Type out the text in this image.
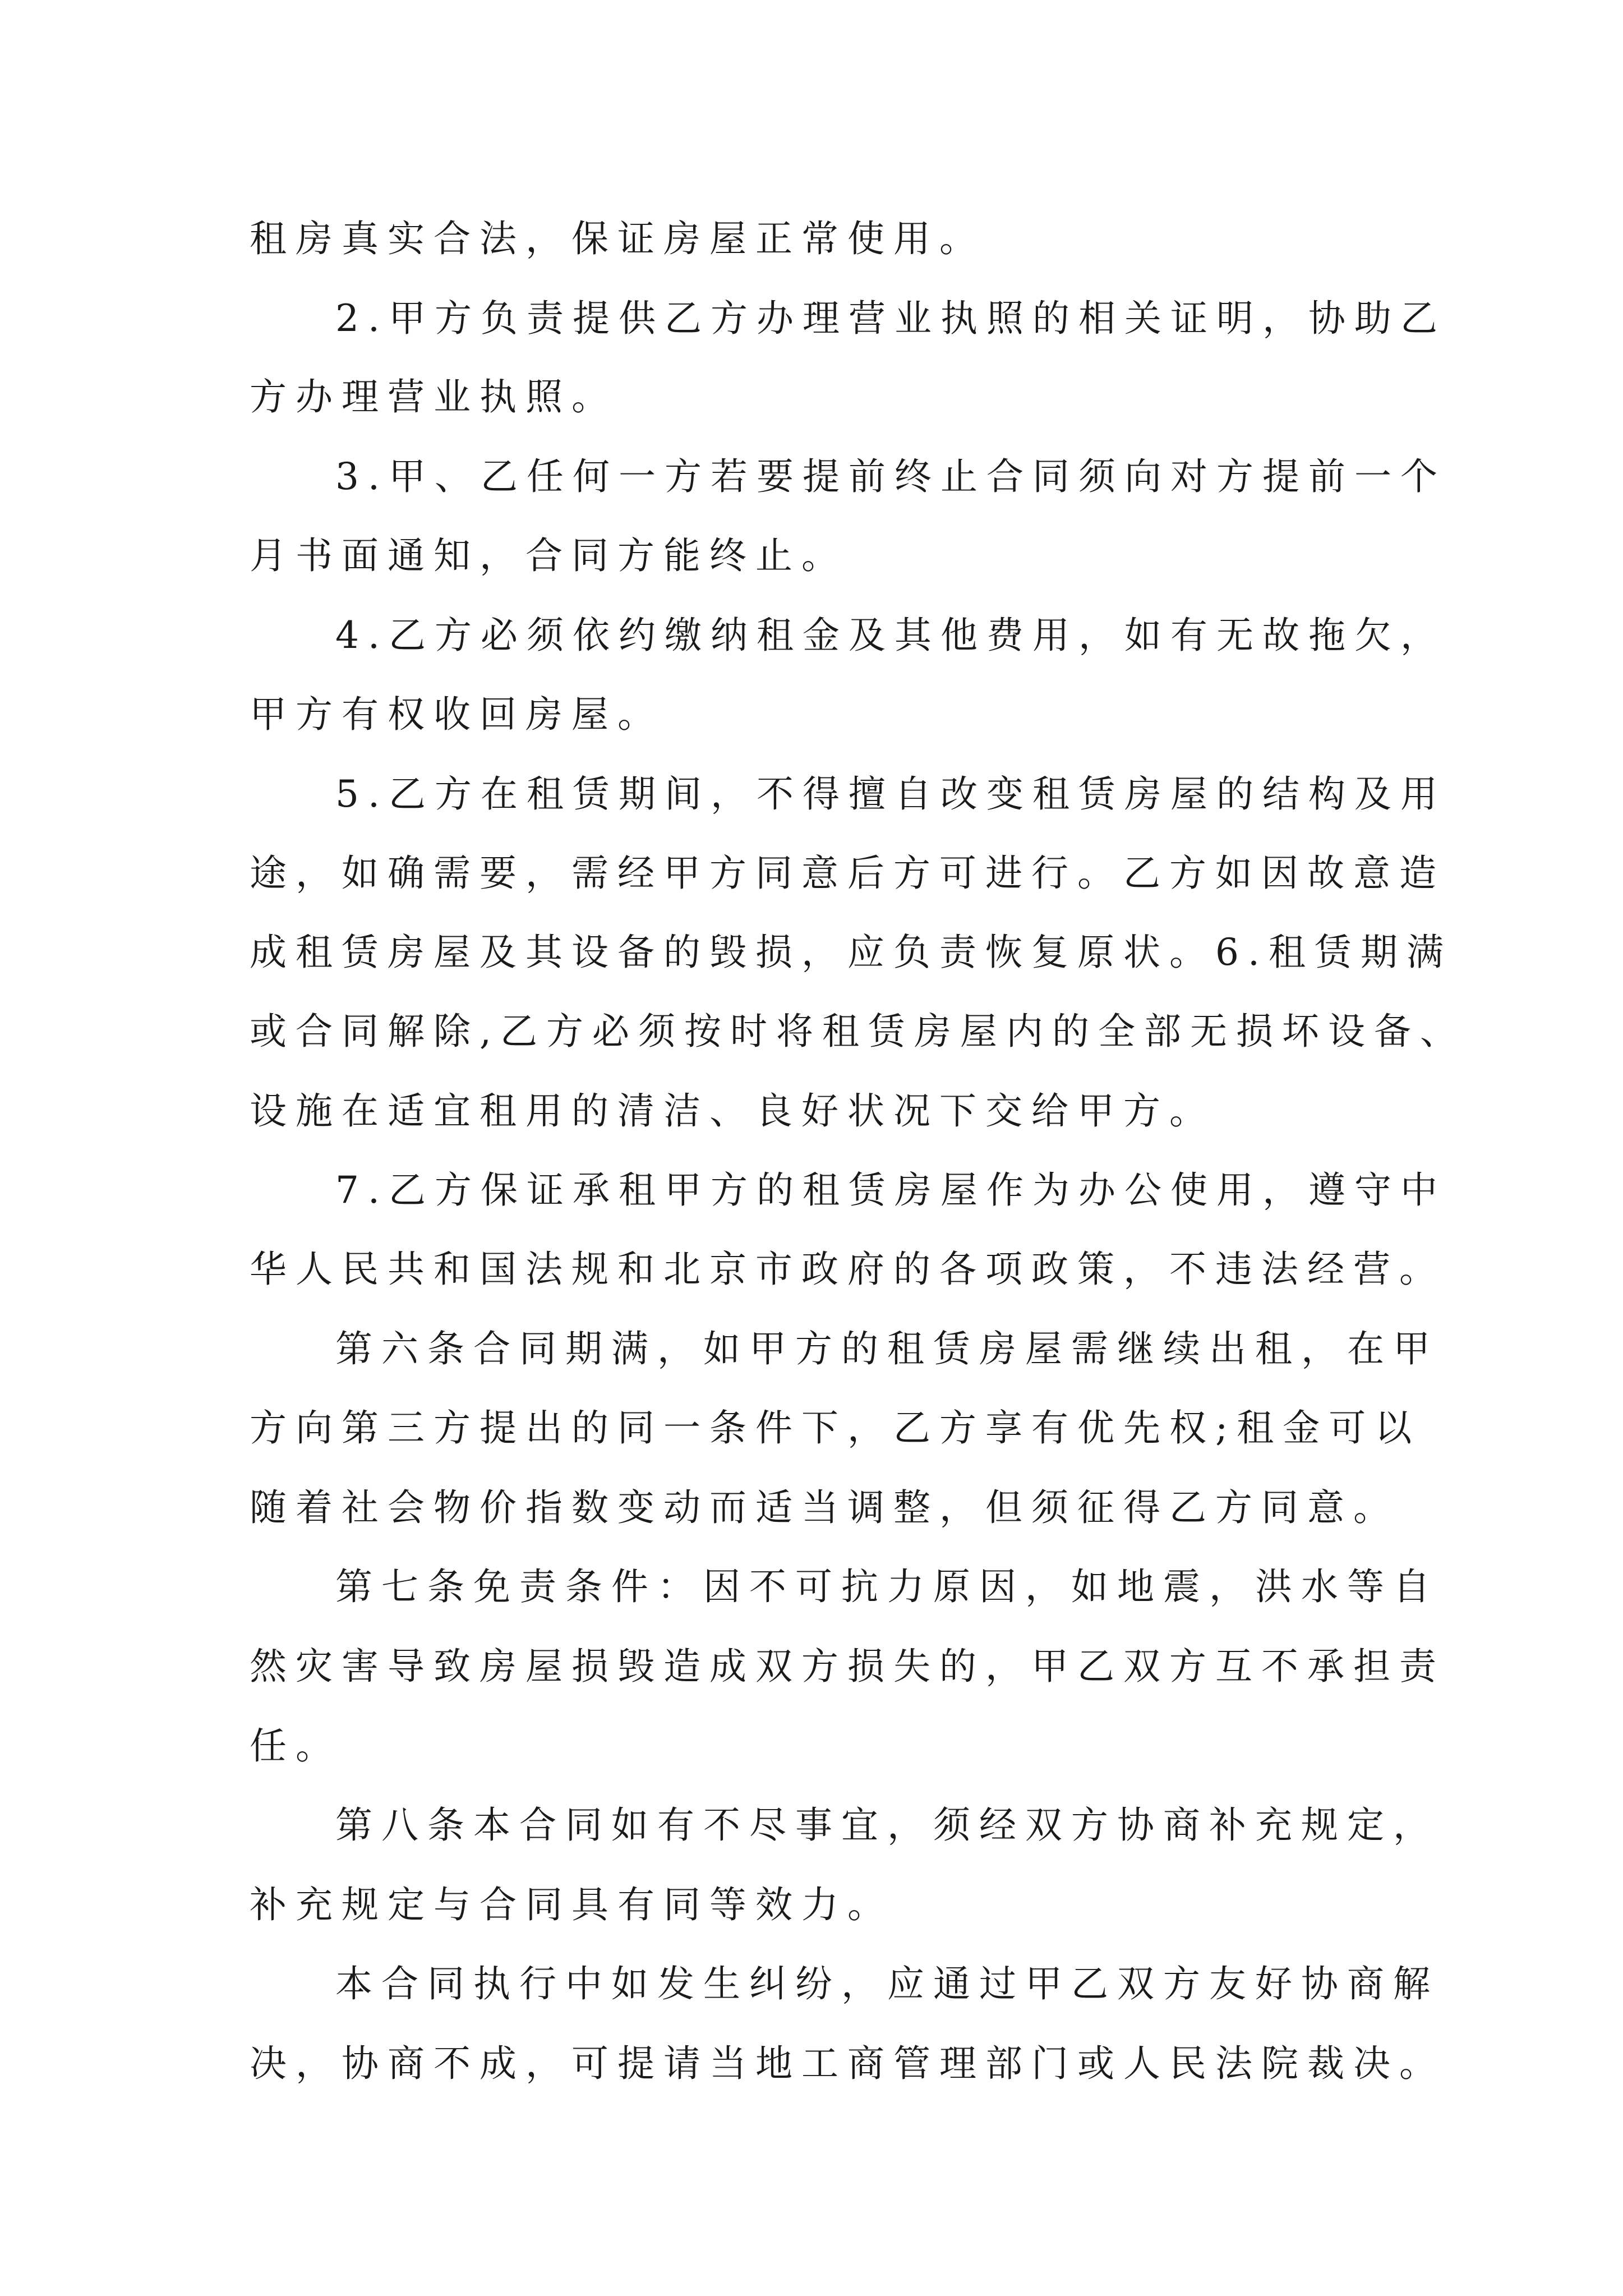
租房真实合法，保证房屋正常使用。
2.甲方负责提供乙方办理营业执照的相关证明，协助乙
方办理营业执照。
3.甲、乙任何一方若要提前终止合同须向对方提前一个
月书面通知，合同方能终止。
4.乙方必须依约缴纳租金及其他费用，如有无故拖欠，
甲方有权收回房屋。
5.乙方在租赁期间，不得擅自改变租赁房屋的结构及用
途，如确需要，需经甲方同意后方可进行。乙方如因故意造
成租赁房屋及其设备的毁损，应负责恢复原状。6.租赁期满
或合同解除,乙方必须按时将租赁房屋内的全部无损坏设备、
设施在适宜租用的清洁、良好状况下交给甲方。
7.乙方保证承租甲方的租赁房屋作为办公使用，遵守中
华人民共和国法规和北京市政府的各项政策，不违法经营。
第六条合同期满，如甲方的租赁房屋需继续出租，在甲
方向第三方提出的同一条件下，乙方享有优先权;租金可以
随着社会物价指数变动而适当调整，但须征得乙方同意。
第七条免责条件：因不可抗力原因，如地震，洪水等自
然灾害导致房屋损毁造成双方损失的，甲乙双方互不承担责
任。
第八条本合同如有不尽事宜，须经双方协商补充规定，
补充规定与合同具有同等效力。
本合同执行中如发生纠纷，应通过甲乙双方友好协商解
决，协商不成，可提请当地工商管理部门或人民法院裁决。
